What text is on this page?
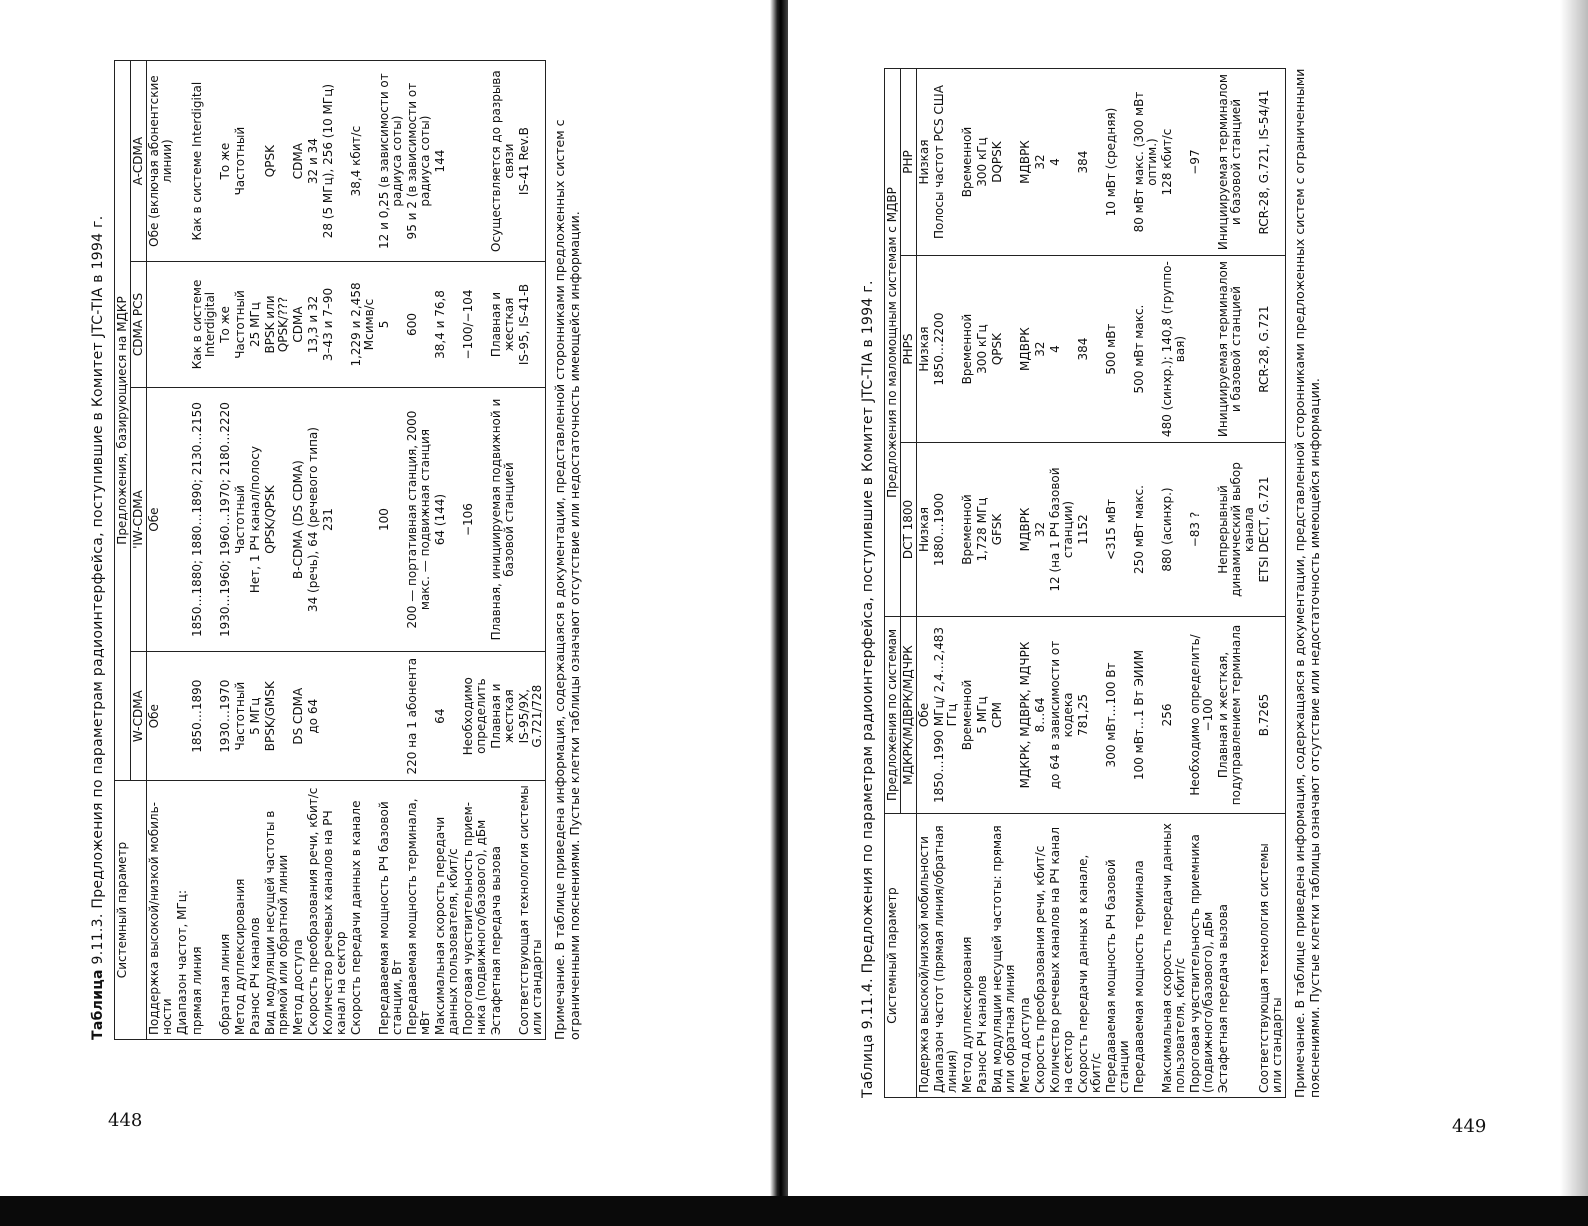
448
Таблица 9.11.3. Предложения по параметрам радиоинтерфейса, поступившие в Комитет JTC-TIA в 1994 г. Системный параметр	Предложения, базирующиеся на МДКР			
	W-CDMA	'IW-CDMA	CDMA PCS	A-CDMA
Поддержка высокой/низкой мобильности	Обе	Обе		Обе (включая абонентские линии)
Диапазон частот, МГц:				
прямая линия	1850…1890	1850…1880; 1880…1890; 2130…2150	Как в системе Interdigital	Как в системе Interdigital
обратная линия	1930…1970	1930…1960; 1960…1970; 2180…2220	То же	То же
Метод дуплексирования	Частотный	Частотный	Частотный	Частотный
Разнос РЧ каналов	5 МГц	Нет, 1 РЧ канал/полосу	25 МГц	
Вид модуляции несущей частоты в прямой или обратной линии	BPSK/GMSK	QPSK/QPSK	BPSK или QPSK/???	QPSK
Метод доступа	DS CDMA	B-CDMA (DS CDMA)	CDMA	CDMA
Скорость преобразования речи, кбит/с	до 64	34 (речь), 64 (речевого типа)	13,3 и 32	32 и 34
Количество речевых каналов на РЧ канал на сектор		231	3–43 и 7–90	28 (5 МГц), 256 (10 МГц)
Скорость передачи данных в канале			1,229 и 2,458 Мсимв/с	38,4 кбит/с
Передаваемая мощность РЧ базовой станции, Вт		100	5	12 и 0,25 (в зависимости от радиуса соты)
Передаваемая мощность терминала, мВт	220 на 1 абонента	200 — портативная станция, 2000 макс. — подвижная станция	600	95 и 2 (в зависимости от радиуса соты)
Максимальная скорость передачи данных пользователя, кбит/с	64	64 (144)	38,4 и 76,8	144
Пороговая чувствительность приемника (подвижного/базового), дБм	Необходимо определить	−106	−100/−104	
Эстафетная передача вызова	Плавная и жесткая	Плавная, инициируемая подвижной и базовой станцией	Плавная и жесткая	Осуществляется до разрыва связи
Соответствующая технология системы или стандарты	IS-95/9X, G.721/728		IS-95, IS-41-B	IS-41 Rev.B Примечание. В таблице приведена информация, содержащаяся в документации, представленной сторонниками предложенных систем с ограниченными пояснениями. Пустые клетки таблицы означают отсутствие или недостаточность имеющейся информации.
449
Таблица 9.11.4. Предложения по параметрам радиоинтерфейса, поступившие в Комитет JTC-TIA в 1994 г. Системный параметр	Предложения по системам	Предложения по маломощным системам с МДВР		
	МДКРК/МДВРК/МДЧРК	DCT 1800	PHPS	PHP
Подержка высокой/низкой мобильности	Обе	Низкая	Низкая	Низкая
Диапазон частот (прямая линия/обратная линия)	1850…1990 МГц/ 2,4…2,483 ГГц	1880…1900	1850…2200	Полосы частот PCS США
Метод дуплексирования	Временной	Временной	Временной	Временной
Разнос РЧ каналов	5 МГц	1,728 МГц	300 кГц	300 кГц
Вид модуляции несущей частоты: прямая или обратная линия	CPM	GFSK	QPSK	DQPSK
Метод доступа	МДКРК, МДВРК, МДЧРК	МДВРК	МДВРК	МДВРК
Скорость преобразования речи, кбит/с	8…64	32	32	32
Количество речевых каналов на РЧ канал на сектор	до 64 в зависимости от кодека	12 (на 1 РЧ базовой станции)	4	4
Скорость передачи данных в канале, кбит/с	781,25	1152	384	384
Передаваемая мощность РЧ базовой станции	300 мВт…100 Вт	<315 мВт	500 мВт	10 мВт (средняя)
Передаваемая мощность терминала	100 мВт…1 Вт ЭИИМ	250 мВт макс.	500 мВт макс.	80 мВт макс. (300 мВт оптим.)
Максимальная скорость передачи данных пользователя, кбит/с	256	880 (асинхр.)	480 (синхр.); 140,8 (групповая)	128 кбит/с
Пороговая чувствительность приемника (подвижного/базового), дБм	Необходимо определить/−100	−83 ?		−97
Эстафетная передача вызова	Плавная и жесткая, подуправлением терминала	Непрерывный динамический выбор канала	Инициируемая терминалом и базовой станцией	Инициируемая терминалом и базовой станцией
Соответствующая технология системы или стандарты	B.7265	ETSI DECT, G.721	RCR-28, G.721	RCR-28, G.721, IS-54/41 Примечание. В таблице приведена информация, содержащаяся в документации, представленной сторонниками предложенных систем с ограниченными пояснениями. Пустые клетки таблицы означают отсутствие или недостаточность имеющейся информации.
